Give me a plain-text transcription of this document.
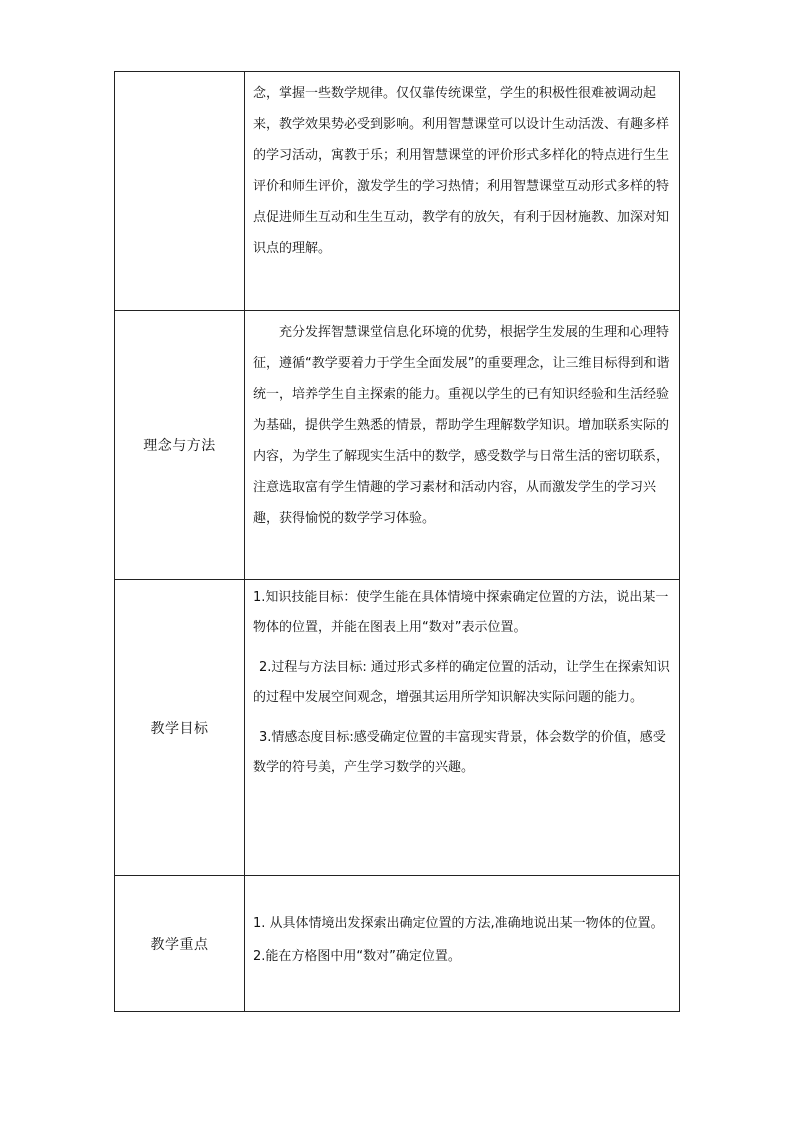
	念，掌握一些数学规律。仅仅靠传统课堂，学生的积极性很难被调动起来，教学效果势必受到影响。利用智慧课堂可以设计生动活泼、有趣多样的学习活动，寓教于乐；利用智慧课堂的评价形式多样化的特点进行生生评价和师生评价，激发学生的学习热情；利用智慧课堂互动形式多样的特点促进师生互动和生生互动，教学有的放矢，有利于因材施教、加深对知识点的理解。

理念与方法	充分发挥智慧课堂信息化环境的优势，根据学生发展的生理和心理特征，遵循“教学要着力于学生全面发展”的重要理念，让三维目标得到和谐统一，培养学生自主探索的能力。重视以学生的已有知识经验和生活经验为基础，提供学生熟悉的情景，帮助学生理解数学知识。增加联系实际的内容，为学生了解现实生活中的数学，感受数学与日常生活的密切联系，注意选取富有学生情趣的学习素材和活动内容，从而激发学生的学习兴趣，获得愉悦的数学学习体验。

教学目标	1.知识技能目标：使学生能在具体情境中探索确定位置的方法，说出某一物体的位置，并能在图表上用“数对”表示位置。

2.过程与方法目标: 通过形式多样的确定位置的活动，让学生在探索知识的过程中发展空间观念，增强其运用所学知识解决实际问题的能力。

3.情感态度目标:感受确定位置的丰富现实背景，体会数学的价值，感受数学的符号美，产生学习数学的兴趣。

教学重点	1. 从具体情境出发探索出确定位置的方法,准确地说出某一物体的位置。

2.能在方格图中用“数对”确定位置。
